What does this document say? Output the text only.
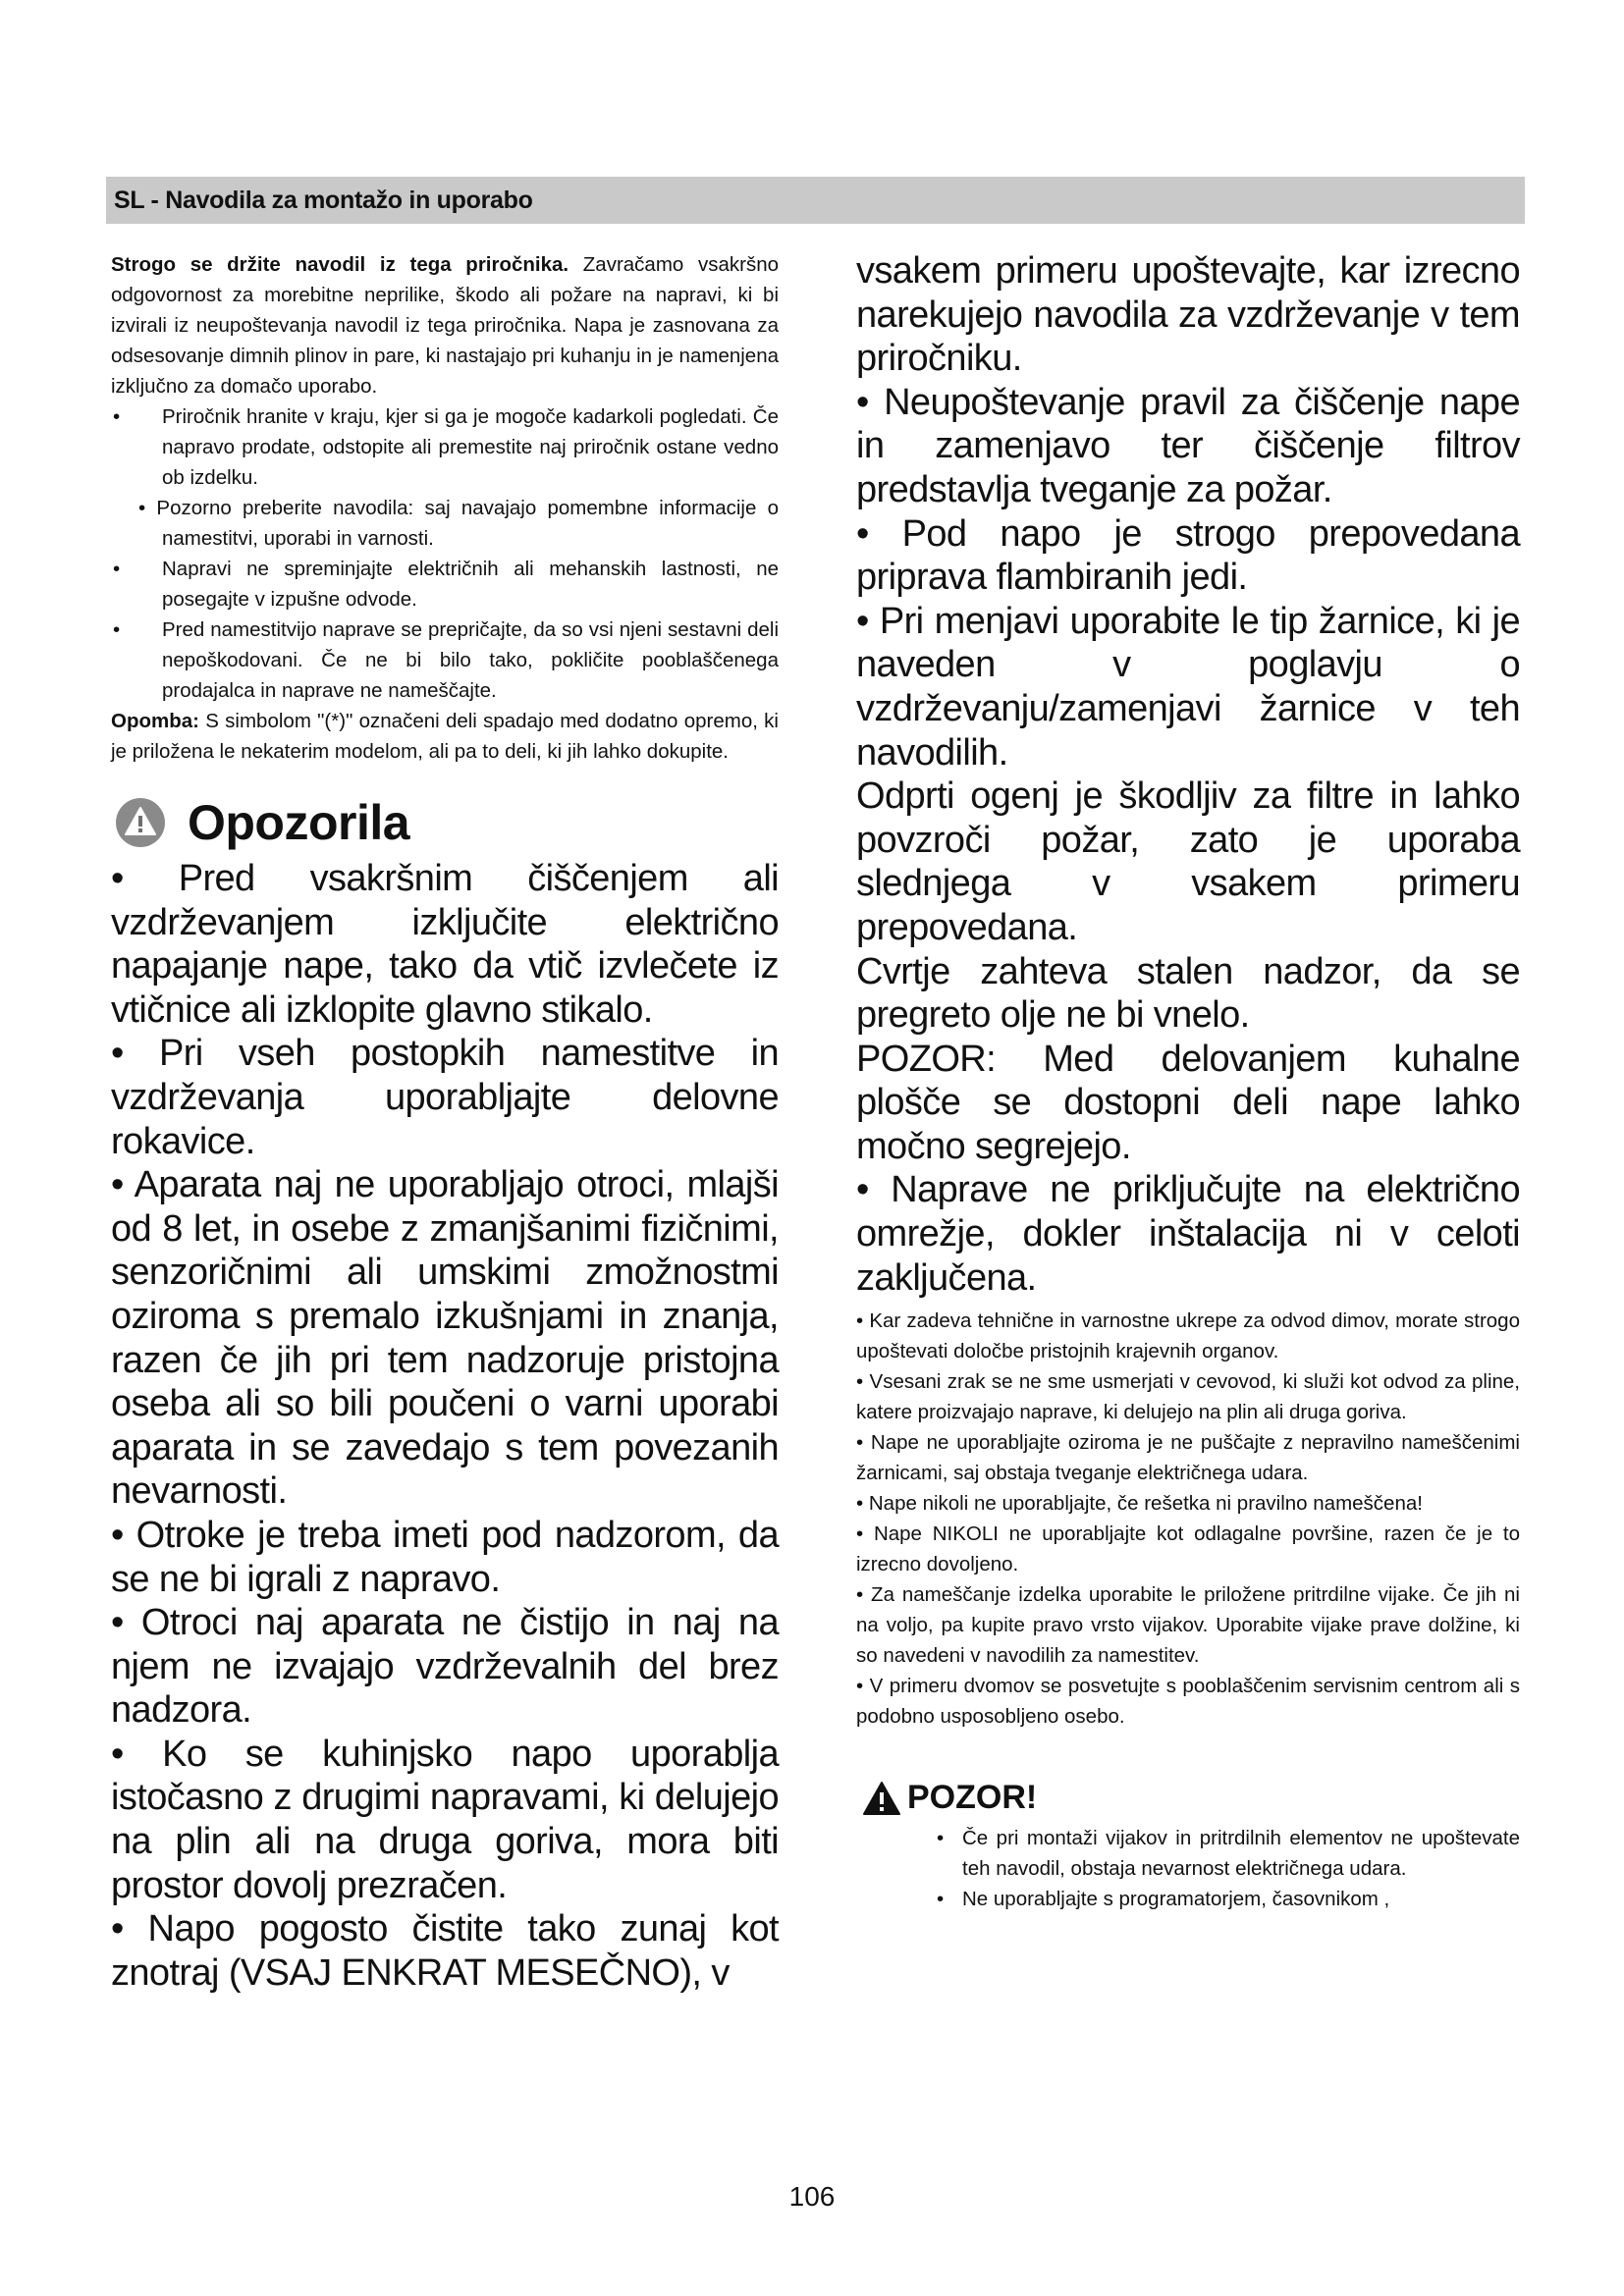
SL - Navodila za montažo in uporabo

Strogo se držite navodil iz tega priročnika. Zavračamo vsakršno odgovornost za morebitne neprilike, škodo ali požare na napravi, ki bi izvirali iz neupoštevanja navodil iz tega priročnika. Napa je zasnovana za odsesovanje dimnih plinov in pare, ki nastajajo pri kuhanju in je namenjena izključno za domačo uporabo.

• Priročnik hranite v kraju, kjer si ga je mogoče kadarkoli pogledati. Če napravo prodate, odstopite ali premestite naj priročnik ostane vedno ob izdelku.

• Pozorno preberite navodila: saj navajajo pomembne informacije o namestitvi, uporabi in varnosti.

• Napravi ne spreminjajte električnih ali mehanskih lastnosti, ne posegajte v izpušne odvode.

• Pred namestitvijo naprave se prepričajte, da so vsi njeni sestavni deli nepoškodovani. Če ne bi bilo tako, pokličite pooblaščenega prodajalca in naprave ne nameščajte.

Opomba: S simbolom "(*)" označeni deli spadajo med dodatno opremo, ki je priložena le nekaterim modelom, ali pa to deli, ki jih lahko dokupite.

Opozorila

• Pred vsakršnim čiščenjem ali vzdrževanjem izključite električno napajanje nape, tako da vtič izvlečete iz vtičnice ali izklopite glavno stikalo.

• Pri vseh postopkih namestitve in vzdrževanja uporabljajte delovne rokavice.

• Aparata naj ne uporabljajo otroci, mlajši od 8 let, in osebe z zmanjšanimi fizičnimi, senzoričnimi ali umskimi zmožnostmi oziroma s premalo izkušnjami in znanja, razen če jih pri tem nadzoruje pristojna oseba ali so bili poučeni o varni uporabi aparata in se zavedajo s tem povezanih nevarnosti.

• Otroke je treba imeti pod nadzorom, da se ne bi igrali z napravo.

• Otroci naj aparata ne čistijo in naj na njem ne izvajajo vzdrževalnih del brez nadzora.

• Ko se kuhinjsko napo uporablja istočasno z drugimi napravami, ki delujejo na plin ali na druga goriva, mora biti prostor dovolj prezračen.

• Napo pogosto čistite tako zunaj kot znotraj (VSAJ ENKRAT MESEČNO), v

vsakem primeru upoštevajte, kar izrecno narekujejo navodila za vzdrževanje v tem priročniku.

• Neupoštevanje pravil za čiščenje nape in zamenjavo ter čiščenje filtrov predstavlja tveganje za požar.

• Pod napo je strogo prepovedana priprava flambiranih jedi.

• Pri menjavi uporabite le tip žarnice, ki je naveden v poglavju o vzdrževanju/zamenjavi žarnice v teh navodilih.

Odprti ogenj je škodljiv za filtre in lahko povzroči požar, zato je uporaba slednjega v vsakem primeru prepovedana.

Cvrtje zahteva stalen nadzor, da se pregreto olje ne bi vnelo.

POZOR: Med delovanjem kuhalne plošče se dostopni deli nape lahko močno segrejejo.

• Naprave ne priključujte na električno omrežje, dokler inštalacija ni v celoti zaključena.

• Kar zadeva tehnične in varnostne ukrepe za odvod dimov, morate strogo upoštevati določbe pristojnih krajevnih organov.

• Vsesani zrak se ne sme usmerjati v cevovod, ki služi kot odvod za pline, katere proizvajajo naprave, ki delujejo na plin ali druga goriva.

• Nape ne uporabljajte oziroma je ne puščajte z nepravilno nameščenimi žarnicami, saj obstaja tveganje električnega udara.

• Nape nikoli ne uporabljajte, če rešetka ni pravilno nameščena!

• Nape NIKOLI ne uporabljajte kot odlagalne površine, razen če je to izrecno dovoljeno.

• Za nameščanje izdelka uporabite le priložene pritrdilne vijake. Če jih ni na voljo, pa kupite pravo vrsto vijakov. Uporabite vijake prave dolžine, ki so navedeni v navodilih za namestitev.

• V primeru dvomov se posvetujte s pooblaščenim servisnim centrom ali s podobno usposobljeno osebo.

POZOR!

• Če pri montaži vijakov in pritrdilnih elementov ne upoštevate teh navodil, obstaja nevarnost električnega udara.

• Ne uporabljajte s programatorjem, časovnikom ,

106
